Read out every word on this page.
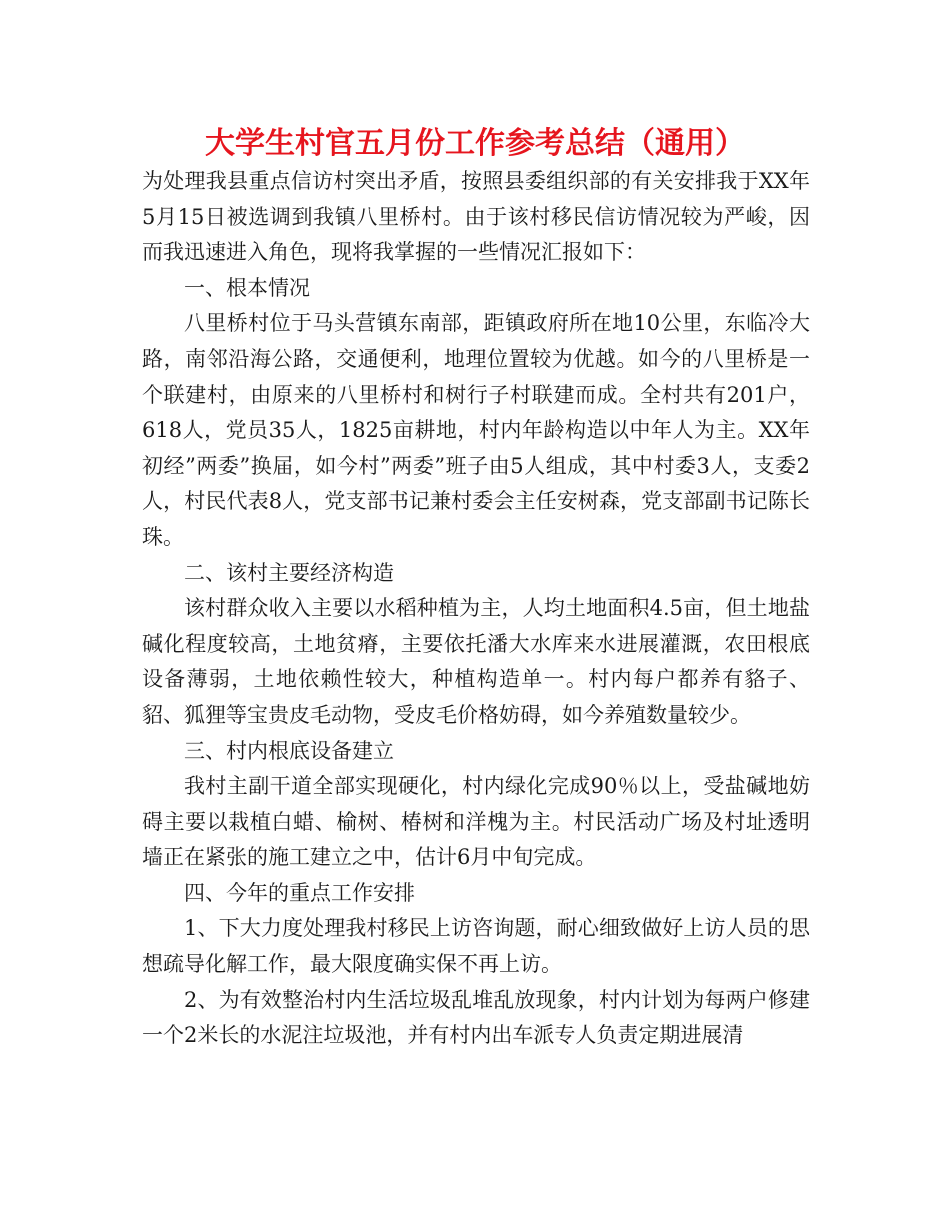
大学生村官五月份工作参考总结（通用）

为处理我县重点信访村突出矛盾，按照县委组织部的有关安排我于XX年5月15日被选调到我镇八里桥村。由于该村移民信访情况较为严峻，因而我迅速进入角色，现将我掌握的一些情况汇报如下：

一、根本情况

八里桥村位于马头营镇东南部，距镇政府所在地10公里，东临冷大路，南邻沿海公路，交通便利，地理位置较为优越。如今的八里桥是一个联建村，由原来的八里桥村和树行子村联建而成。全村共有201户，618人，党员35人，1825亩耕地，村内年龄构造以中年人为主。XX年初经”两委”换届，如今村”两委”班子由5人组成，其中村委3人，支委2人，村民代表8人，党支部书记兼村委会主任安树森，党支部副书记陈长珠。

二、该村主要经济构造

该村群众收入主要以水稻种植为主，人均土地面积4.5亩，但土地盐碱化程度较高，土地贫瘠，主要依托潘大水库来水进展灌溉，农田根底设备薄弱，土地依赖性较大，种植构造单一。村内每户都养有貉子、貂、狐狸等宝贵皮毛动物，受皮毛价格妨碍，如今养殖数量较少。

三、村内根底设备建立

我村主副干道全部实现硬化，村内绿化完成90％以上，受盐碱地妨碍主要以栽植白蜡、榆树、椿树和洋槐为主。村民活动广场及村址透明墙正在紧张的施工建立之中，估计6月中旬完成。

四、今年的重点工作安排

1、下大力度处理我村移民上访咨询题，耐心细致做好上访人员的思想疏导化解工作，最大限度确实保不再上访。

2、为有效整治村内生活垃圾乱堆乱放现象，村内计划为每两户修建一个2米长的水泥注垃圾池，并有村内出车派专人负责定期进展清
